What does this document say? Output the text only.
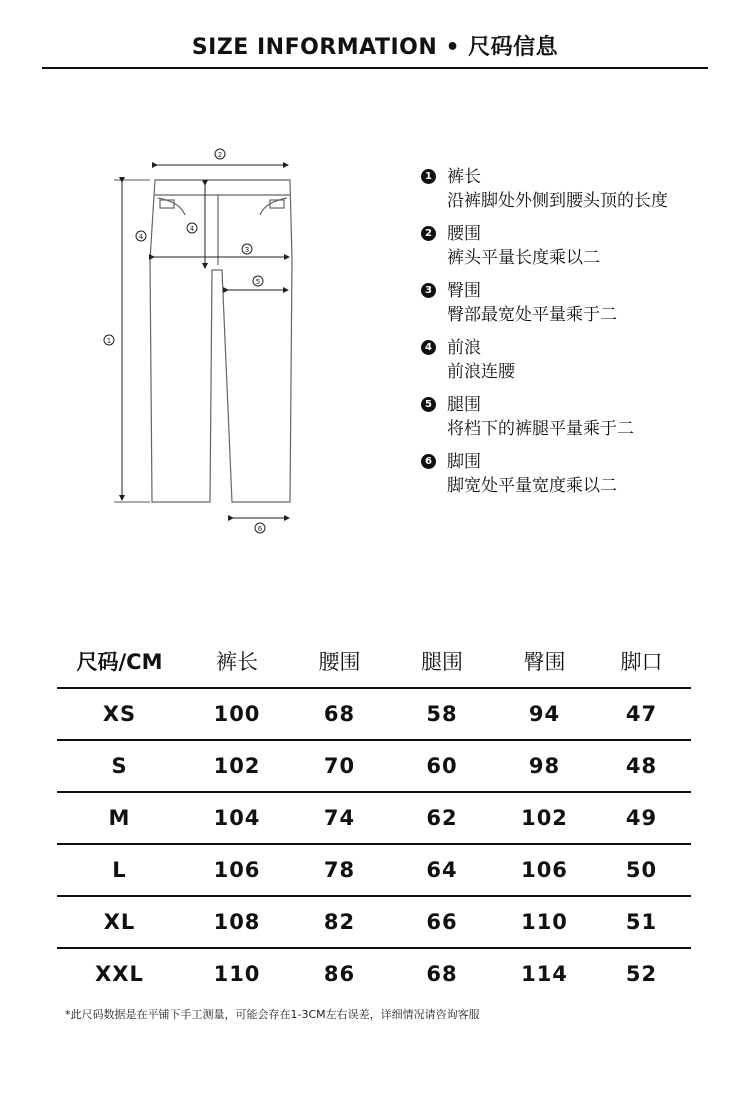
SIZE INFORMATION • 尺码信息
1
2
3
4
4
5
6
1 裤长
沿裤脚处外侧到腰头顶的长度
2 腰围
裤头平量长度乘以二
3 臀围
臀部最宽处平量乘于二
4 前浪
前浪连腰
5 腿围
将档下的裤腿平量乘于二
6 脚围
脚宽处平量宽度乘以二
尺码/CM	裤长	腰围	腿围	臀围	脚口
XS	100	68	58	94	47
S	102	70	60	98	48
M	104	74	62	102	49
L	106	78	64	106	50
XL	108	82	66	110	51
XXL	110	86	68	114	52
*此尺码数据是在平铺下手工测量，可能会存在1-3CM左右误差，详细情况请咨询客服
